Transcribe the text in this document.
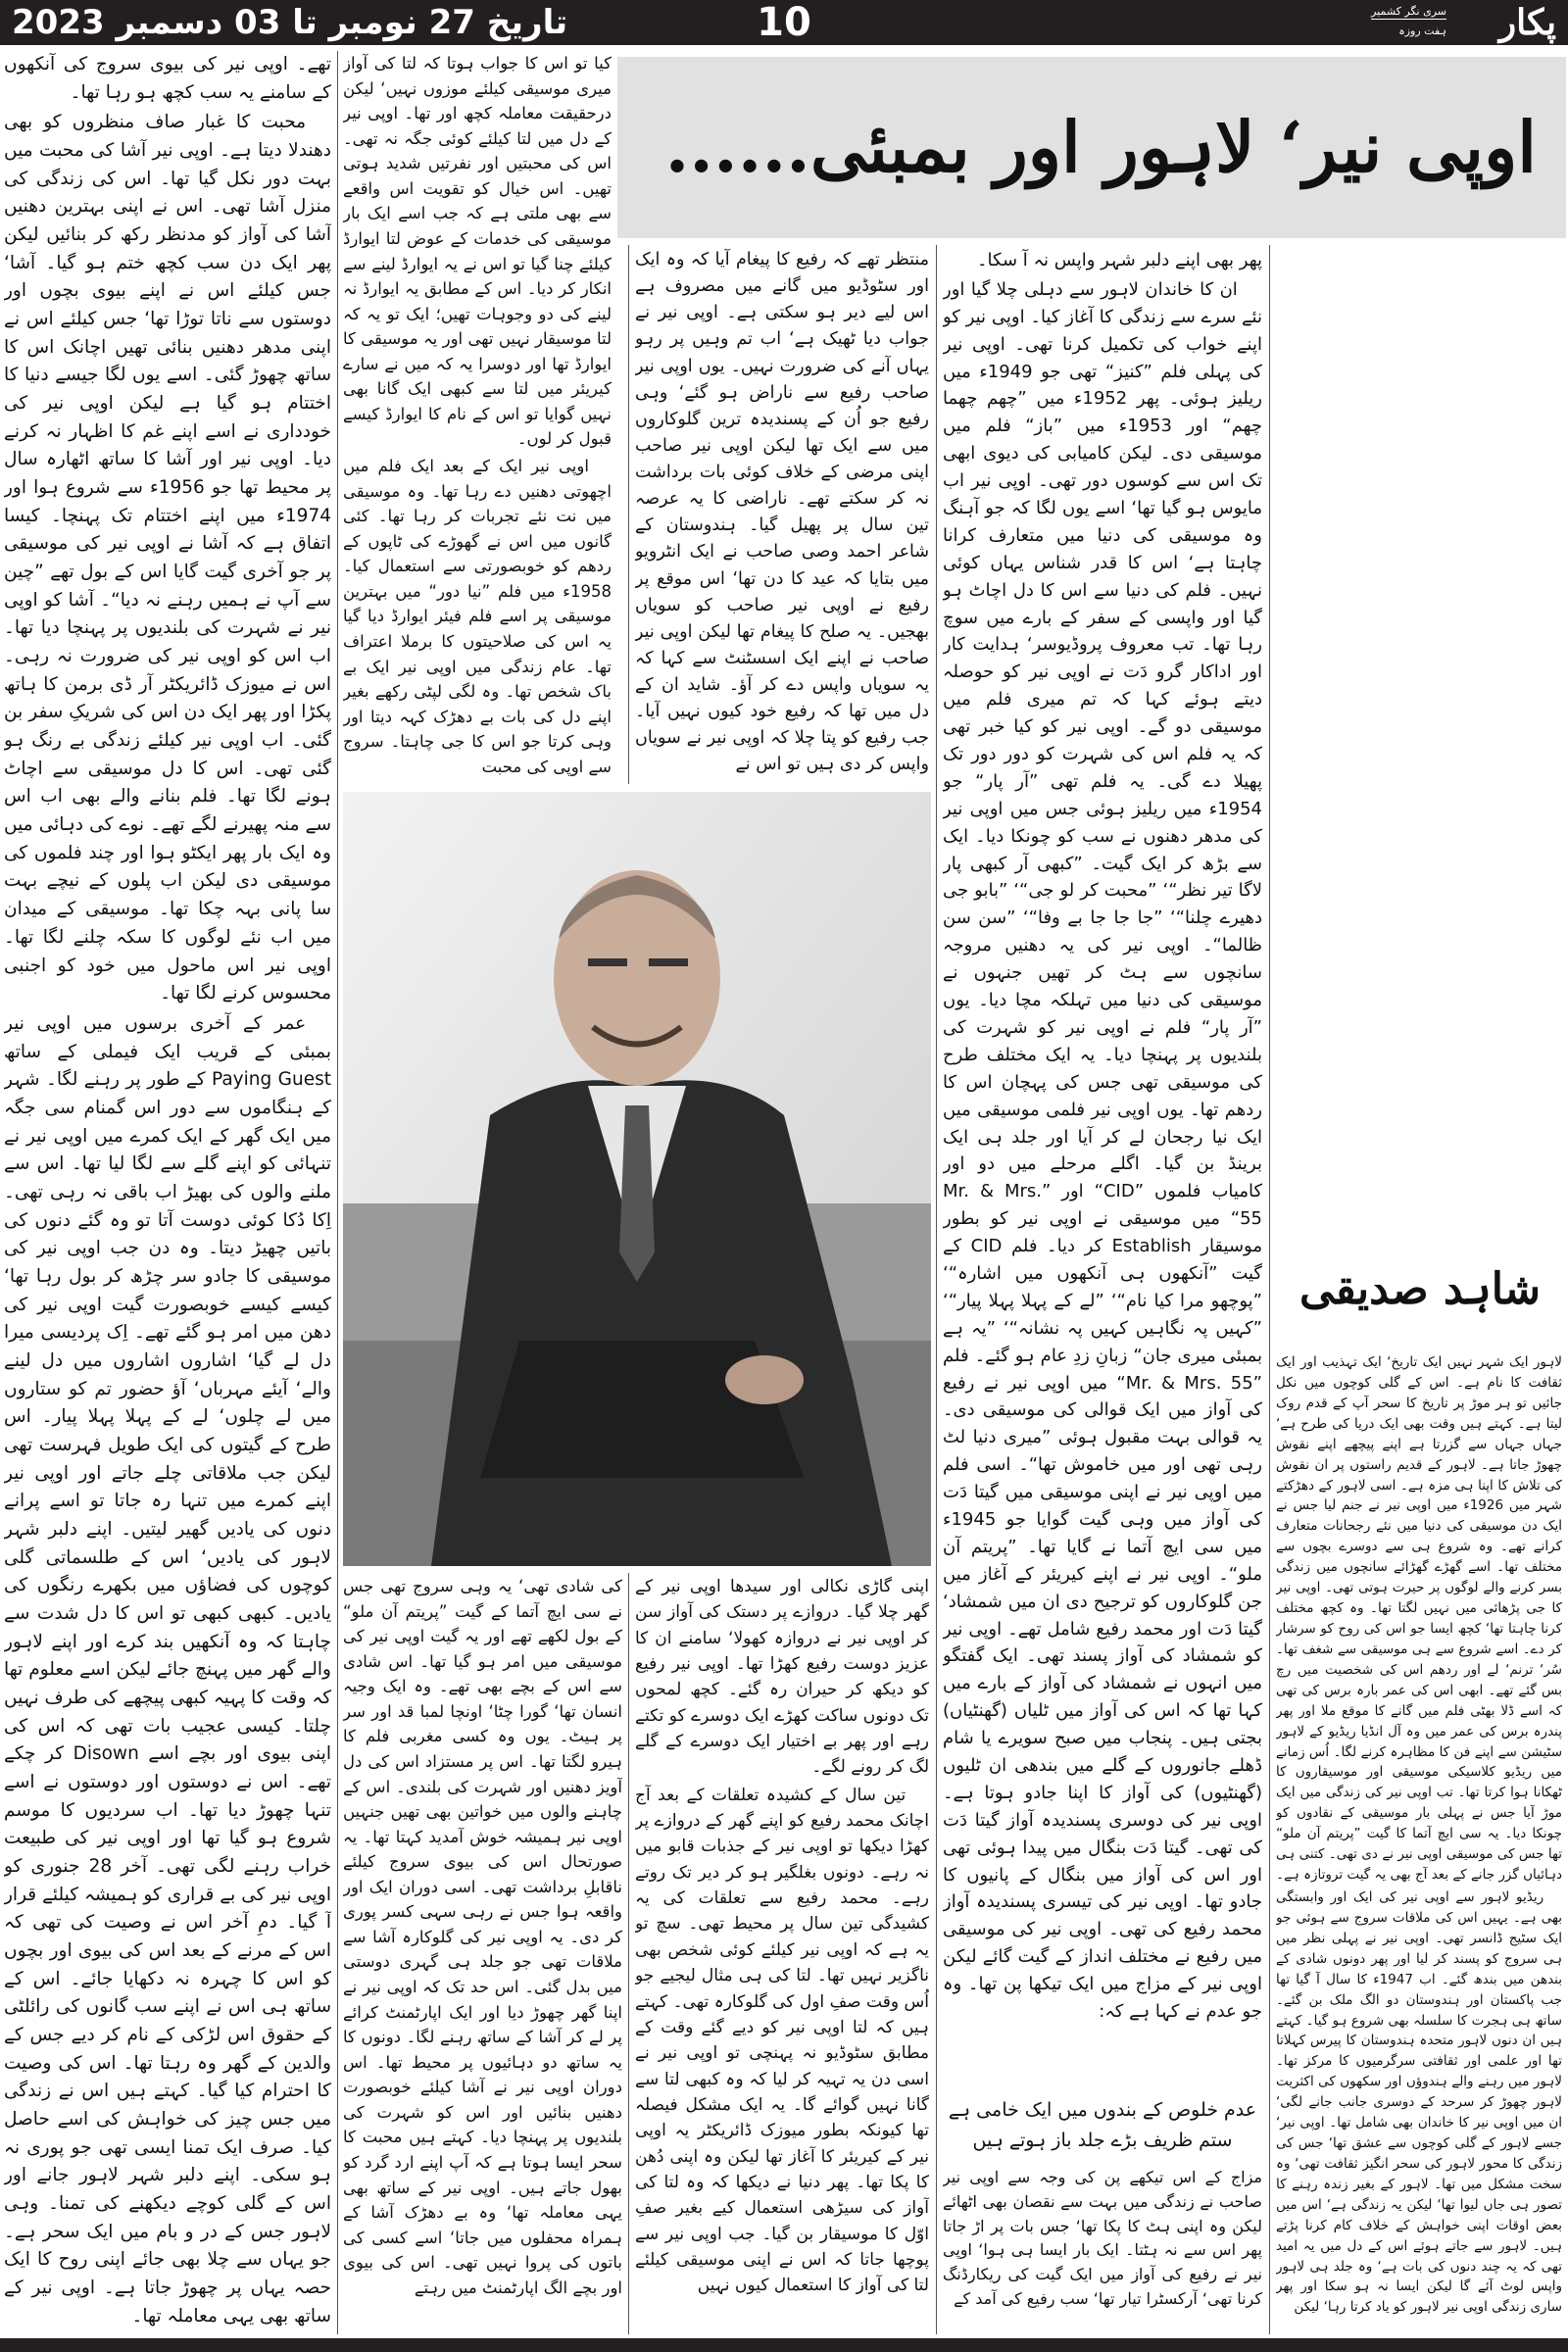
تاریخ 27 نومبر تا 03 دسمبر 2023	10	پکار
سری نگر کشمیر
ہفت روزہ
اوپی نیر‘ لاہور اور بمبئی......

تھے۔ اوپی نیر کی بیوی سروج کی آنکھوں کے سامنے یہ سب کچھ ہو رہا تھا۔

محبت کا غبار صاف منظروں کو بھی دھندلا دیتا ہے۔ اوپی نیر آشا کی محبت میں بہت دور نکل گیا تھا۔ اس کی زندگی کی منزل آشا تھی۔ اس نے اپنی بہترین دھنیں آشا کی آواز کو مدنظر رکھ کر بنائیں لیکن پھر ایک دن سب کچھ ختم ہو گیا۔ آشا‘ جس کیلئے اس نے اپنے بیوی بچوں اور دوستوں سے ناتا توڑا تھا‘ جس کیلئے اس نے اپنی مدھر دھنیں بنائی تھیں اچانک اس کا ساتھ چھوڑ گئی۔ اسے یوں لگا جیسے دنیا کا اختتام ہو گیا ہے لیکن اوپی نیر کی خودداری نے اسے اپنے غم کا اظہار نہ کرنے دیا۔ اوپی نیر اور آشا کا ساتھ اٹھارہ سال پر محیط تھا جو 1956ء سے شروع ہوا اور 1974ء میں اپنے اختتام تک پہنچا۔ کیسا اتفاق ہے کہ آشا نے اوپی نیر کی موسیقی پر جو آخری گیت گایا اس کے بول تھے ”چین سے آپ نے ہمیں رہنے نہ دیا“۔ آشا کو اوپی نیر نے شہرت کی بلندیوں پر پہنچا دیا تھا۔ اب اس کو اوپی نیر کی ضرورت نہ رہی۔ اس نے میوزک ڈائریکٹر آر ڈی برمن کا ہاتھ پکڑا اور پھر ایک دن اس کی شریکِ سفر بن گئی۔ اب اوپی نیر کیلئے زندگی بے رنگ ہو گئی تھی۔ اس کا دل موسیقی سے اچاٹ ہونے لگا تھا۔ فلم بنانے والے بھی اب اس سے منہ پھیرنے لگے تھے۔ نوے کی دہائی میں وہ ایک بار پھر ایکٹو ہوا اور چند فلموں کی موسیقی دی لیکن اب پلوں کے نیچے بہت سا پانی بہہ چکا تھا۔ موسیقی کے میدان میں اب نئے لوگوں کا سکہ چلنے لگا تھا۔ اوپی نیر اس ماحول میں خود کو اجنبی محسوس کرنے لگا تھا۔

عمر کے آخری برسوں میں اوپی نیر بمبئی کے قریب ایک فیملی کے ساتھ Paying Guest کے طور پر رہنے لگا۔ شہر کے ہنگاموں سے دور اس گمنام سی جگہ میں ایک گھر کے ایک کمرے میں اوپی نیر نے تنہائی کو اپنے گلے سے لگا لیا تھا۔ اس سے ملنے والوں کی بھیڑ اب باقی نہ رہی تھی۔ اِکا دُکا کوئی دوست آتا تو وہ گئے دنوں کی باتیں چھیڑ دیتا۔ وہ دن جب اوپی نیر کی موسیقی کا جادو سر چڑھ کر بول رہا تھا‘ کیسے کیسے خوبصورت گیت اوپی نیر کی دھن میں امر ہو گئے تھے۔ اِک پردیسی میرا دل لے گیا‘ اشاروں اشاروں میں دل لینے والے‘ آیئے مہرباں‘ آؤ حضور تم کو ستاروں میں لے چلوں‘ لے کے پہلا پہلا پیار۔ اس طرح کے گیتوں کی ایک طویل فہرست تھی لیکن جب ملاقاتی چلے جاتے اور اوپی نیر اپنے کمرے میں تنہا رہ جاتا تو اسے پرانے دنوں کی یادیں گھیر لیتیں۔ اپنے دلبر شہر لاہور کی یادیں‘ اس کے طلسماتی گلی کوچوں کی فضاؤں میں بکھرے رنگوں کی یادیں۔ کبھی کبھی تو اس کا دل شدت سے چاہتا کہ وہ آنکھیں بند کرے اور اپنے لاہور والے گھر میں پہنچ جائے لیکن اسے معلوم تھا کہ وقت کا پہیہ کبھی پیچھے کی طرف نہیں چلتا۔ کیسی عجیب بات تھی کہ اس کی اپنی بیوی اور بچے اسے Disown کر چکے تھے۔ اس نے دوستوں اور دوستوں نے اسے تنہا چھوڑ دیا تھا۔ اب سردیوں کا موسم شروع ہو گیا تھا اور اوپی نیر کی طبیعت خراب رہنے لگی تھی۔ آخر 28 جنوری کو اوپی نیر کی بے قراری کو ہمیشہ کیلئے قرار آ گیا۔ دمِ آخر اس نے وصیت کی تھی کہ اس کے مرنے کے بعد اس کی بیوی اور بچوں کو اس کا چہرہ نہ دکھایا جائے۔ اس کے ساتھ ہی اس نے اپنے سب گانوں کی رائلٹی کے حقوق اس لڑکی کے نام کر دیے جس کے والدین کے گھر وہ رہتا تھا۔ اس کی وصیت کا احترام کیا گیا۔ کہتے ہیں اس نے زندگی میں جس چیز کی خواہش کی اسے حاصل کیا۔ صرف ایک تمنا ایسی تھی جو پوری نہ ہو سکی۔ اپنے دلبر شہر لاہور جانے اور اس کے گلی کوچے دیکھنے کی تمنا۔ وہی لاہور جس کے در و بام میں ایک سحر ہے۔ جو یہاں سے چلا بھی جائے اپنی روح کا ایک حصہ یہاں پر چھوڑ جاتا ہے۔ اوپی نیر کے ساتھ بھی یہی معاملہ تھا۔

کیا تو اس کا جواب ہوتا کہ لتا کی آواز میری موسیقی کیلئے موزوں نہیں‘ لیکن درحقیقت معاملہ کچھ اور تھا۔ اوپی نیر کے دل میں لتا کیلئے کوئی جگہ نہ تھی۔ اس کی محبتیں اور نفرتیں شدید ہوتی تھیں۔ اس خیال کو تقویت اس واقعے سے بھی ملتی ہے کہ جب اسے ایک بار موسیقی کی خدمات کے عوض لتا ایوارڈ کیلئے چنا گیا تو اس نے یہ ایوارڈ لینے سے انکار کر دیا۔ اس کے مطابق یہ ایوارڈ نہ لینے کی دو وجوہات تھیں؛ ایک تو یہ کہ لتا موسیقار نہیں تھی اور یہ موسیقی کا ایوارڈ تھا اور دوسرا یہ کہ میں نے سارے کیریئر میں لتا سے کبھی ایک گانا بھی نہیں گوایا تو اس کے نام کا ایوارڈ کیسے قبول کر لوں۔

اوپی نیر ایک کے بعد ایک فلم میں اچھوتی دھنیں دے رہا تھا۔ وہ موسیقی میں نت نئے تجربات کر رہا تھا۔ کئی گانوں میں اس نے گھوڑے کی ٹاپوں کے ردھم کو خوبصورتی سے استعمال کیا۔ 1958ء میں فلم ”نیا دور“ میں بہترین موسیقی پر اسے فلم فیئر ایوارڈ دیا گیا یہ اس کی صلاحیتوں کا برملا اعتراف تھا۔ عام زندگی میں اوپی نیر ایک بے باک شخص تھا۔ وہ لگی لپٹی رکھے بغیر اپنے دل کی بات بے دھڑک کہہ دیتا اور وہی کرتا جو اس کا جی چاہتا۔ سروج سے اوپی کی محبت

منتظر تھے کہ رفیع کا پیغام آیا کہ وہ ایک اور سٹوڈیو میں گانے میں مصروف ہے اس لیے دیر ہو سکتی ہے۔ اوپی نیر نے جواب دیا ٹھیک ہے‘ اب تم وہیں پر رہو یہاں آنے کی ضرورت نہیں۔ یوں اوپی نیر صاحب رفیع سے ناراض ہو گئے‘ وہی رفیع جو اُن کے پسندیدہ ترین گلوکاروں میں سے ایک تھا لیکن اوپی نیر صاحب اپنی مرضی کے خلاف کوئی بات برداشت نہ کر سکتے تھے۔ ناراضی کا یہ عرصہ تین سال پر پھیل گیا۔ ہندوستان کے شاعر احمد وصی صاحب نے ایک انٹرویو میں بتایا کہ عید کا دن تھا‘ اس موقع پر رفیع نے اوپی نیر صاحب کو سویاں بھجیں۔ یہ صلح کا پیغام تھا لیکن اوپی نیر صاحب نے اپنے ایک اسسٹنٹ سے کہا کہ یہ سویاں واپس دے کر آؤ۔ شاید ان کے دل میں تھا کہ رفیع خود کیوں نہیں آیا۔ جب رفیع کو پتا چلا کہ اوپی نیر نے سویاں واپس کر دی ہیں تو اس نے

کی شادی تھی‘ یہ وہی سروج تھی جس نے سی ایچ آتما کے گیت ”پریتم آن ملو“ کے بول لکھے تھے اور یہ گیت اوپی نیر کی موسیقی میں امر ہو گیا تھا۔ اس شادی سے اس کے بچے بھی تھے۔ وہ ایک وجیہ انسان تھا‘ گورا چٹا‘ اونچا لمبا قد اور سر پر ہیٹ۔ یوں وہ کسی مغربی فلم کا ہیرو لگتا تھا۔ اس پر مستزاد اس کی دل آویز دھنیں اور شہرت کی بلندی۔ اس کے چاہنے والوں میں خواتین بھی تھیں جنہیں اوپی نیر ہمیشہ خوش آمدید کہتا تھا۔ یہ صورتحال اس کی بیوی سروج کیلئے ناقابلِ برداشت تھی۔ اسی دوران ایک اور واقعہ ہوا جس نے رہی سہی کسر پوری کر دی۔ یہ اوپی نیر کی گلوکارہ آشا سے ملاقات تھی جو جلد ہی گہری دوستی میں بدل گئی۔ اس حد تک کہ اوپی نیر نے اپنا گھر چھوڑ دیا اور ایک اپارٹمنٹ کرائے پر لے کر آشا کے ساتھ رہنے لگا۔ دونوں کا یہ ساتھ دو دہائیوں پر محیط تھا۔ اس دوران اوپی نیر نے آشا کیلئے خوبصورت دھنیں بنائیں اور اس کو شہرت کی بلندیوں پر پہنچا دیا۔ کہتے ہیں محبت کا سحر ایسا ہوتا ہے کہ آپ اپنے ارد گرد کو بھول جاتے ہیں۔ اوپی نیر کے ساتھ بھی یہی معاملہ تھا‘ وہ بے دھڑک آشا کے ہمراہ محفلوں میں جاتا‘ اسے کسی کی باتوں کی پروا نہیں تھی۔ اس کی بیوی اور بچے الگ اپارٹمنٹ میں رہتے

اپنی گاڑی نکالی اور سیدھا اوپی نیر کے گھر چلا گیا۔ دروازے پر دستک کی آواز سن کر اوپی نیر نے دروازہ کھولا‘ سامنے ان کا عزیز دوست رفیع کھڑا تھا۔ اوپی نیر رفیع کو دیکھ کر حیران رہ گئے۔ کچھ لمحوں تک دونوں ساکت کھڑے ایک دوسرے کو تکتے رہے اور پھر بے اختیار ایک دوسرے کے گلے لگ کر رونے لگے۔

تین سال کے کشیدہ تعلقات کے بعد آج اچانک محمد رفیع کو اپنے گھر کے دروازے پر کھڑا دیکھا تو اوپی نیر کے جذبات قابو میں نہ رہے۔ دونوں بغلگیر ہو کر دیر تک روتے رہے۔ محمد رفیع سے تعلقات کی یہ کشیدگی تین سال پر محیط تھی۔ سچ تو یہ ہے کہ اوپی نیر کیلئے کوئی شخص بھی ناگزیر نہیں تھا۔ لتا کی ہی مثال لیجیے جو اُس وقت صفِ اول کی گلوکارہ تھی۔ کہتے ہیں کہ لتا اوپی نیر کو دیے گئے وقت کے مطابق سٹوڈیو نہ پہنچی تو اوپی نیر نے اسی دن یہ تہیہ کر لیا کہ وہ کبھی لتا سے گانا نہیں گوائے گا۔ یہ ایک مشکل فیصلہ تھا کیونکہ بطور میوزک ڈائریکٹر یہ اوپی نیر کے کیریئر کا آغاز تھا لیکن وہ اپنی دُھن کا پکا تھا۔ پھر دنیا نے دیکھا کہ وہ لتا کی آواز کی سیڑھی استعمال کیے بغیر صفِ اوّل کا موسیقار بن گیا۔ جب اوپی نیر سے پوچھا جاتا کہ اس نے اپنی موسیقی کیلئے لتا کی آواز کا استعمال کیوں نہیں

پھر بھی اپنے دلبر شہر واپس نہ آ سکا۔

ان کا خاندان لاہور سے دہلی چلا گیا اور نئے سرے سے زندگی کا آغاز کیا۔ اوپی نیر کو اپنے خواب کی تکمیل کرنا تھی۔ اوپی نیر کی پہلی فلم ”کنیز“ تھی جو 1949ء میں ریلیز ہوئی۔ پھر 1952ء میں ”چھم چھما چھم“ اور 1953ء میں ”باز“ فلم میں موسیقی دی۔ لیکن کامیابی کی دیوی ابھی تک اس سے کوسوں دور تھی۔ اوپی نیر اب مایوس ہو گیا تھا‘ اسے یوں لگا کہ جو آہنگ وہ موسیقی کی دنیا میں متعارف کرانا چاہتا ہے‘ اس کا قدر شناس یہاں کوئی نہیں۔ فلم کی دنیا سے اس کا دل اچاٹ ہو گیا اور واپسی کے سفر کے بارے میں سوچ رہا تھا۔ تب معروف پروڈیوسر‘ ہدایت کار اور اداکار گرو دَت نے اوپی نیر کو حوصلہ دیتے ہوئے کہا کہ تم میری فلم میں موسیقی دو گے۔ اوپی نیر کو کیا خبر تھی کہ یہ فلم اس کی شہرت کو دور دور تک پھیلا دے گی۔ یہ فلم تھی ”آر پار“ جو 1954ء میں ریلیز ہوئی جس میں اوپی نیر کی مدھر دھنوں نے سب کو چونکا دیا۔ ایک سے بڑھ کر ایک گیت۔ ”کبھی آر کبھی پار لاگا تیر نظر“‘ ”محبت کر لو جی“‘ ”بابو جی دھیرے چلنا“‘ ”جا جا جا بے وفا“‘ ”سن سن ظالما“۔ اوپی نیر کی یہ دھنیں مروجہ سانچوں سے ہٹ کر تھیں جنہوں نے موسیقی کی دنیا میں تہلکہ مچا دیا۔ یوں ”آر پار“ فلم نے اوپی نیر کو شہرت کی بلندیوں پر پہنچا دیا۔ یہ ایک مختلف طرح کی موسیقی تھی جس کی پہچان اس کا ردھم تھا۔ یوں اوپی نیر فلمی موسیقی میں ایک نیا رجحان لے کر آیا اور جلد ہی ایک برینڈ بن گیا۔ اگلے مرحلے میں دو اور کامیاب فلموں ”CID“ اور ”Mr. & Mrs. 55“ میں موسیقی نے اوپی نیر کو بطور موسیقار Establish کر دیا۔ فلم CID کے گیت ”آنکھوں ہی آنکھوں میں اشارہ“‘ ”پوچھو مرا کیا نام“‘ ”لے کے پہلا پہلا پیار“‘ ”کہیں پہ نگاہیں کہیں پہ نشانہ“‘ ”یہ ہے بمبئی میری جان“ زبانِ زدِ عام ہو گئے۔ فلم ”Mr. & Mrs. 55“ میں اوپی نیر نے رفیع کی آواز میں ایک قوالی کی موسیقی دی۔ یہ قوالی بہت مقبول ہوئی ”میری دنیا لٹ رہی تھی اور میں خاموش تھا“۔ اسی فلم میں اوپی نیر نے اپنی موسیقی میں گیتا دَت کی آواز میں وہی گیت گوایا جو 1945ء میں سی ایچ آتما نے گایا تھا۔ ”پریتم آن ملو“۔ اوپی نیر نے اپنے کیریئر کے آغاز میں جن گلوکاروں کو ترجیح دی ان میں شمشاد‘ گیتا دَت اور محمد رفیع شامل تھے۔ اوپی نیر کو شمشاد کی آواز پسند تھی۔ ایک گفتگو میں انہوں نے شمشاد کی آواز کے بارے میں کہا تھا کہ اس کی آواز میں ٹلیاں (گھنٹیاں) بجتی ہیں۔ پنجاب میں صبح سویرے یا شام ڈھلے جانوروں کے گلے میں بندھی ان ٹلیوں (گھنٹیوں) کی آواز کا اپنا جادو ہوتا ہے۔ اوپی نیر کی دوسری پسندیدہ آواز گیتا دَت کی تھی۔ گیتا دَت بنگال میں پیدا ہوئی تھی اور اس کی آواز میں بنگال کے پانیوں کا جادو تھا۔ اوپی نیر کی تیسری پسندیدہ آواز محمد رفیع کی تھی۔ اوپی نیر کی موسیقی میں رفیع نے مختلف انداز کے گیت گائے لیکن اوپی نیر کے مزاج میں ایک تیکھا پن تھا۔ وہ جو عدم نے کہا ہے کہ:

عدم خلوص کے بندوں میں ایک خامی ہے
ستم ظریف بڑے جلد باز ہوتے ہیں

مزاج کے اس تیکھے پن کی وجہ سے اوپی نیر صاحب نے زندگی میں بہت سے نقصان بھی اٹھائے لیکن وہ اپنی ہٹ کا پکا تھا‘ جس بات پر اڑ جاتا پھر اس سے نہ ہٹتا۔ ایک بار ایسا ہی ہوا‘ اوپی نیر نے رفیع کی آواز میں ایک گیت کی ریکارڈنگ کرنا تھی‘ آرکسٹرا تیار تھا‘ سب رفیع کی آمد کے

شاہد صدیقی

لاہور ایک شہر نہیں ایک تاریخ‘ ایک تہذیب اور ایک ثقافت کا نام ہے۔ اس کے گلی کوچوں میں نکل جائیں تو ہر موڑ پر تاریخ کا سحر آپ کے قدم روک لیتا ہے۔ کہتے ہیں وقت بھی ایک دریا کی طرح ہے‘ جہاں جہاں سے گزرتا ہے اپنے پیچھے اپنے نقوش چھوڑ جاتا ہے۔ لاہور کے قدیم راستوں پر ان نقوش کی تلاش کا اپنا ہی مزہ ہے۔ اسی لاہور کے دھڑکتے شہر میں 1926ء میں اوپی نیر نے جنم لیا جس نے ایک دن موسیقی کی دنیا میں نئے رجحانات متعارف کرانے تھے۔ وہ شروع ہی سے دوسرے بچوں سے مختلف تھا۔ اسے گھڑے گھڑائے سانچوں میں زندگی بسر کرنے والے لوگوں پر حیرت ہوتی تھی۔ اوپی نیر کا جی پڑھائی میں نہیں لگتا تھا۔ وہ کچھ مختلف کرنا چاہتا تھا‘ کچھ ایسا جو اس کی روح کو سرشار کر دے۔ اسے شروع سے ہی موسیقی سے شغف تھا۔ سُر‘ ترنم‘ لے اور ردھم اس کی شخصیت میں رچ بس گئے تھے۔ ابھی اس کی عمر بارہ برس کی تھی کہ اسے ڈلا بھٹی فلم میں گانے کا موقع ملا اور پھر پندرہ برس کی عمر میں وہ آل انڈیا ریڈیو کے لاہور سٹیشن سے اپنے فن کا مظاہرہ کرنے لگا۔ اُس زمانے میں ریڈیو کلاسیکی موسیقی اور موسیقاروں کا ٹھکانا ہوا کرتا تھا۔ تب اوپی نیر کی زندگی میں ایک موڑ آیا جس نے پہلی بار موسیقی کے نقادوں کو چونکا دیا۔ یہ سی ایچ آتما کا گیت ”پریتم آن ملو“ تھا جس کی موسیقی اوپی نیر نے دی تھی۔ کتنی ہی دہائیاں گزر جانے کے بعد آج بھی یہ گیت تروتازہ ہے۔

ریڈیو لاہور سے اوپی نیر کی ایک اور وابستگی بھی ہے۔ یہیں اس کی ملاقات سروج سے ہوئی جو ایک سٹیج ڈانسر تھی۔ اوپی نیر نے پہلی نظر میں ہی سروج کو پسند کر لیا اور پھر دونوں شادی کے بندھن میں بندھ گئے۔ اب 1947ء کا سال آ گیا تھا جب پاکستان اور ہندوستان دو الگ ملک بن گئے۔ ساتھ ہی ہجرت کا سلسلہ بھی شروع ہو گیا۔ کہتے ہیں ان دنوں لاہور متحدہ ہندوستان کا پیرس کہلاتا تھا اور علمی اور ثقافتی سرگرمیوں کا مرکز تھا۔ لاہور میں رہنے والے ہندوؤں اور سکھوں کی اکثریت لاہور چھوڑ کر سرحد کے دوسری جانب جانے لگی‘ ان میں اوپی نیر کا خاندان بھی شامل تھا۔ اوپی نیر‘ جسے لاہور کے گلی کوچوں سے عشق تھا‘ جس کی زندگی کا محور لاہور کی سحر انگیز ثقافت تھی‘ وہ سخت مشکل میں تھا۔ لاہور کے بغیر زندہ رہنے کا تصور ہی جاں لیوا تھا‘ لیکن یہ زندگی ہے‘ اس میں بعض اوقات اپنی خواہش کے خلاف کام کرنا پڑتے ہیں۔ لاہور سے جاتے ہوئے اس کے دل میں یہ امید تھی کہ یہ چند دنوں کی بات ہے‘ وہ جلد ہی لاہور واپس لوٹ آئے گا لیکن ایسا نہ ہو سکا اور پھر ساری زندگی اوپی نیر لاہور کو یاد کرتا رہا‘ لیکن
